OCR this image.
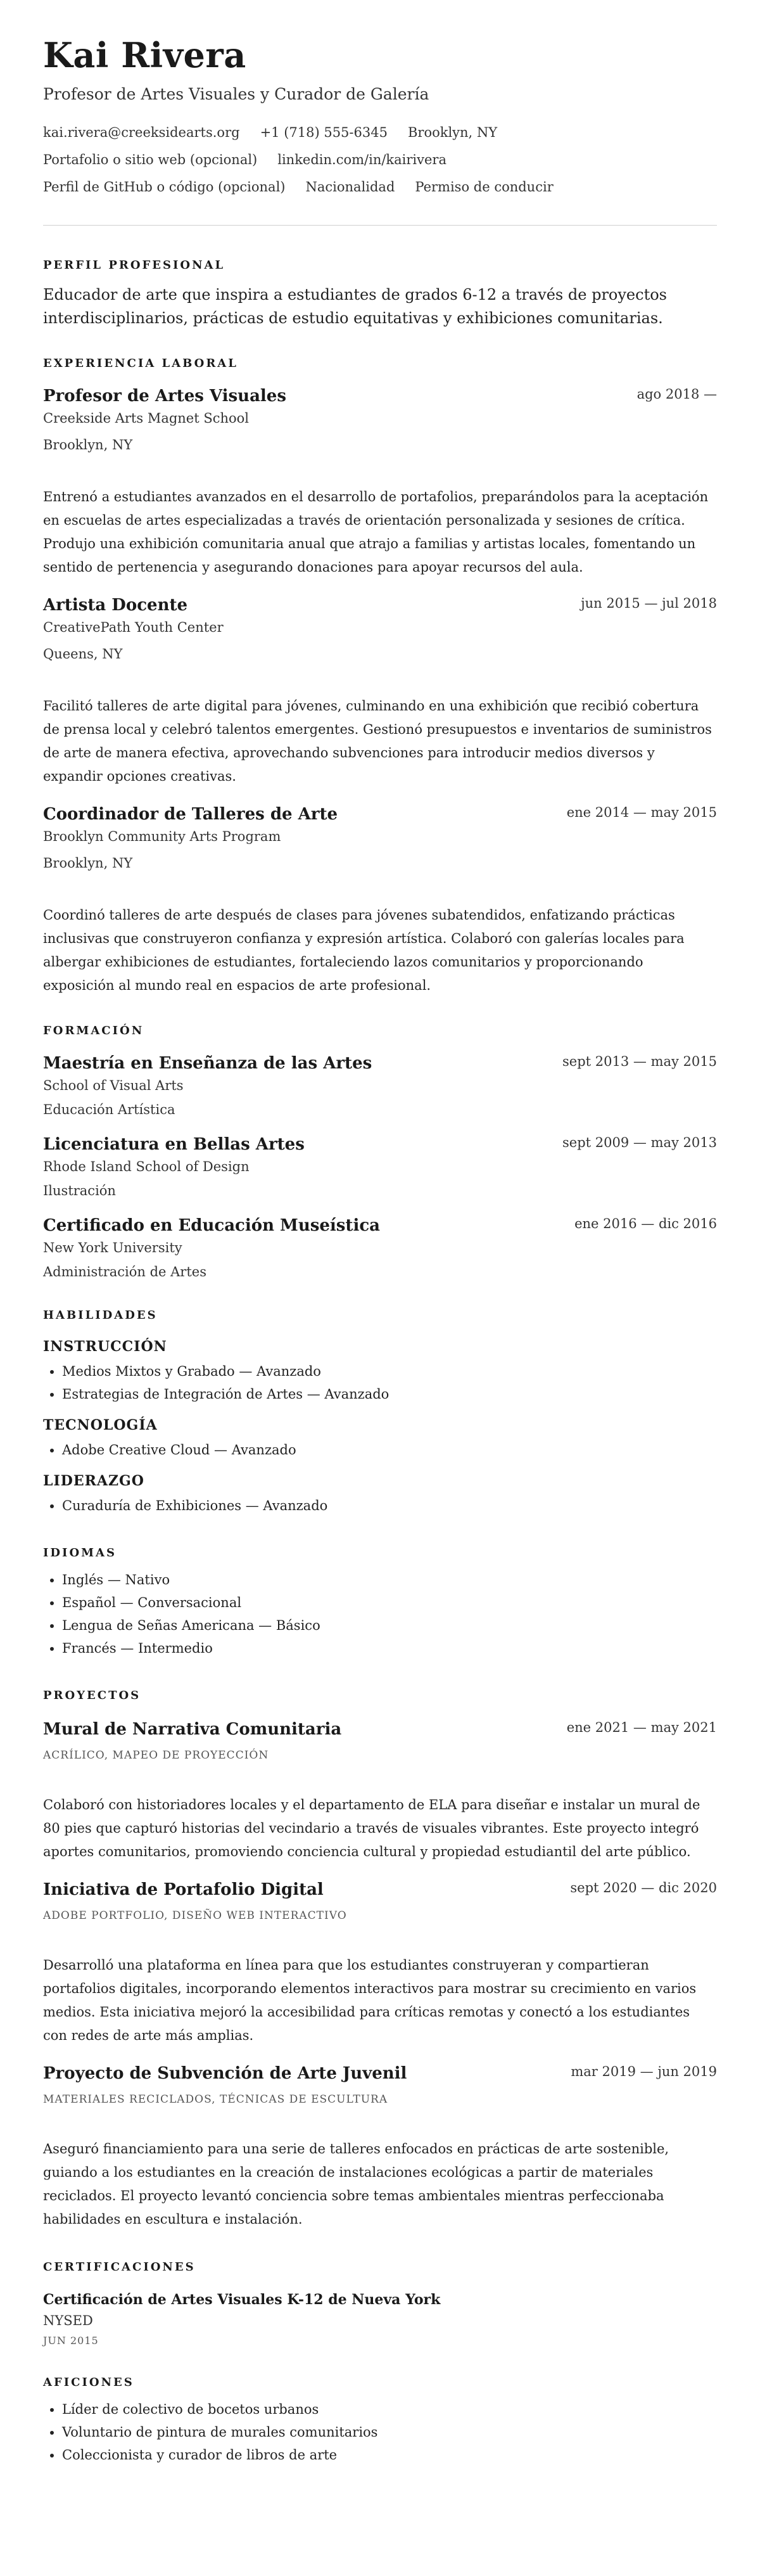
Kai Rivera
Profesor de Artes Visuales y Curador de Galería
kai.rivera@creeksidearts.org +1 (718) 555-6345 Brooklyn, NY
Portafolio o sitio web (opcional) linkedin.com/in/kairivera
Perfil de GitHub o código (opcional) Nacionalidad Permiso de conducir
PERFIL PROFESIONAL

Educador de arte que inspira a estudiantes de grados 6-12 a través de proyectos interdisciplinarios, prácticas de estudio equitativas y exhibiciones comunitarias.

EXPERIENCIA LABORAL
Profesor de Artes Visuales	ago 2018 —
Creekside Arts Magnet School
Brooklyn, NY

Entrenó a estudiantes avanzados en el desarrollo de portafolios, preparándolos para la aceptación en escuelas de artes especializadas a través de orientación personalizada y sesiones de crítica. Produjo una exhibición comunitaria anual que atrajo a familias y artistas locales, fomentando un sentido de pertenencia y asegurando donaciones para apoyar recursos del aula.

Artista Docente	jun 2015 — jul 2018
CreativePath Youth Center
Queens, NY

Facilitó talleres de arte digital para jóvenes, culminando en una exhibición que recibió cobertura de prensa local y celebró talentos emergentes. Gestionó presupuestos e inventarios de suministros de arte de manera efectiva, aprovechando subvenciones para introducir medios diversos y expandir opciones creativas.

Coordinador de Talleres de Arte	ene 2014 — may 2015
Brooklyn Community Arts Program
Brooklyn, NY

Coordinó talleres de arte después de clases para jóvenes subatendidos, enfatizando prácticas inclusivas que construyeron confianza y expresión artística. Colaboró con galerías locales para albergar exhibiciones de estudiantes, fortaleciendo lazos comunitarios y proporcionando exposición al mundo real en espacios de arte profesional.

FORMACIÓN
Maestría en Enseñanza de las Artes	sept 2013 — may 2015
School of Visual Arts
Educación Artística
Licenciatura en Bellas Artes	sept 2009 — may 2013
Rhode Island School of Design
Ilustración
Certificado en Educación Museística	ene 2016 — dic 2016
New York University
Administración de Artes
HABILIDADES
INSTRUCCIÓN
• Medios Mixtos y Grabado — Avanzado
• Estrategias de Integración de Artes — Avanzado
TECNOLOGÍA
• Adobe Creative Cloud — Avanzado
LIDERAZGO
• Curaduría de Exhibiciones — Avanzado
IDIOMAS
• Inglés — Nativo
• Español — Conversacional
• Lengua de Señas Americana — Básico
• Francés — Intermedio
PROYECTOS
Mural de Narrativa Comunitaria	ene 2021 — may 2021
ACRÍLICO, MAPEO DE PROYECCIÓN

Colaboró con historiadores locales y el departamento de ELA para diseñar e instalar un mural de 80 pies que capturó historias del vecindario a través de visuales vibrantes. Este proyecto integró aportes comunitarios, promoviendo conciencia cultural y propiedad estudiantil del arte público.

Iniciativa de Portafolio Digital	sept 2020 — dic 2020
ADOBE PORTFOLIO, DISEÑO WEB INTERACTIVO

Desarrolló una plataforma en línea para que los estudiantes construyeran y compartieran portafolios digitales, incorporando elementos interactivos para mostrar su crecimiento en varios medios. Esta iniciativa mejoró la accesibilidad para críticas remotas y conectó a los estudiantes con redes de arte más amplias.

Proyecto de Subvención de Arte Juvenil	mar 2019 — jun 2019
MATERIALES RECICLADOS, TÉCNICAS DE ESCULTURA

Aseguró financiamiento para una serie de talleres enfocados en prácticas de arte sostenible, guiando a los estudiantes en la creación de instalaciones ecológicas a partir de materiales reciclados. El proyecto levantó conciencia sobre temas ambientales mientras perfeccionaba habilidades en escultura e instalación.

CERTIFICACIONES
Certificación de Artes Visuales K-12 de Nueva York
NYSED
JUN 2015
AFICIONES
• Líder de colectivo de bocetos urbanos
• Voluntario de pintura de murales comunitarios
• Coleccionista y curador de libros de arte
